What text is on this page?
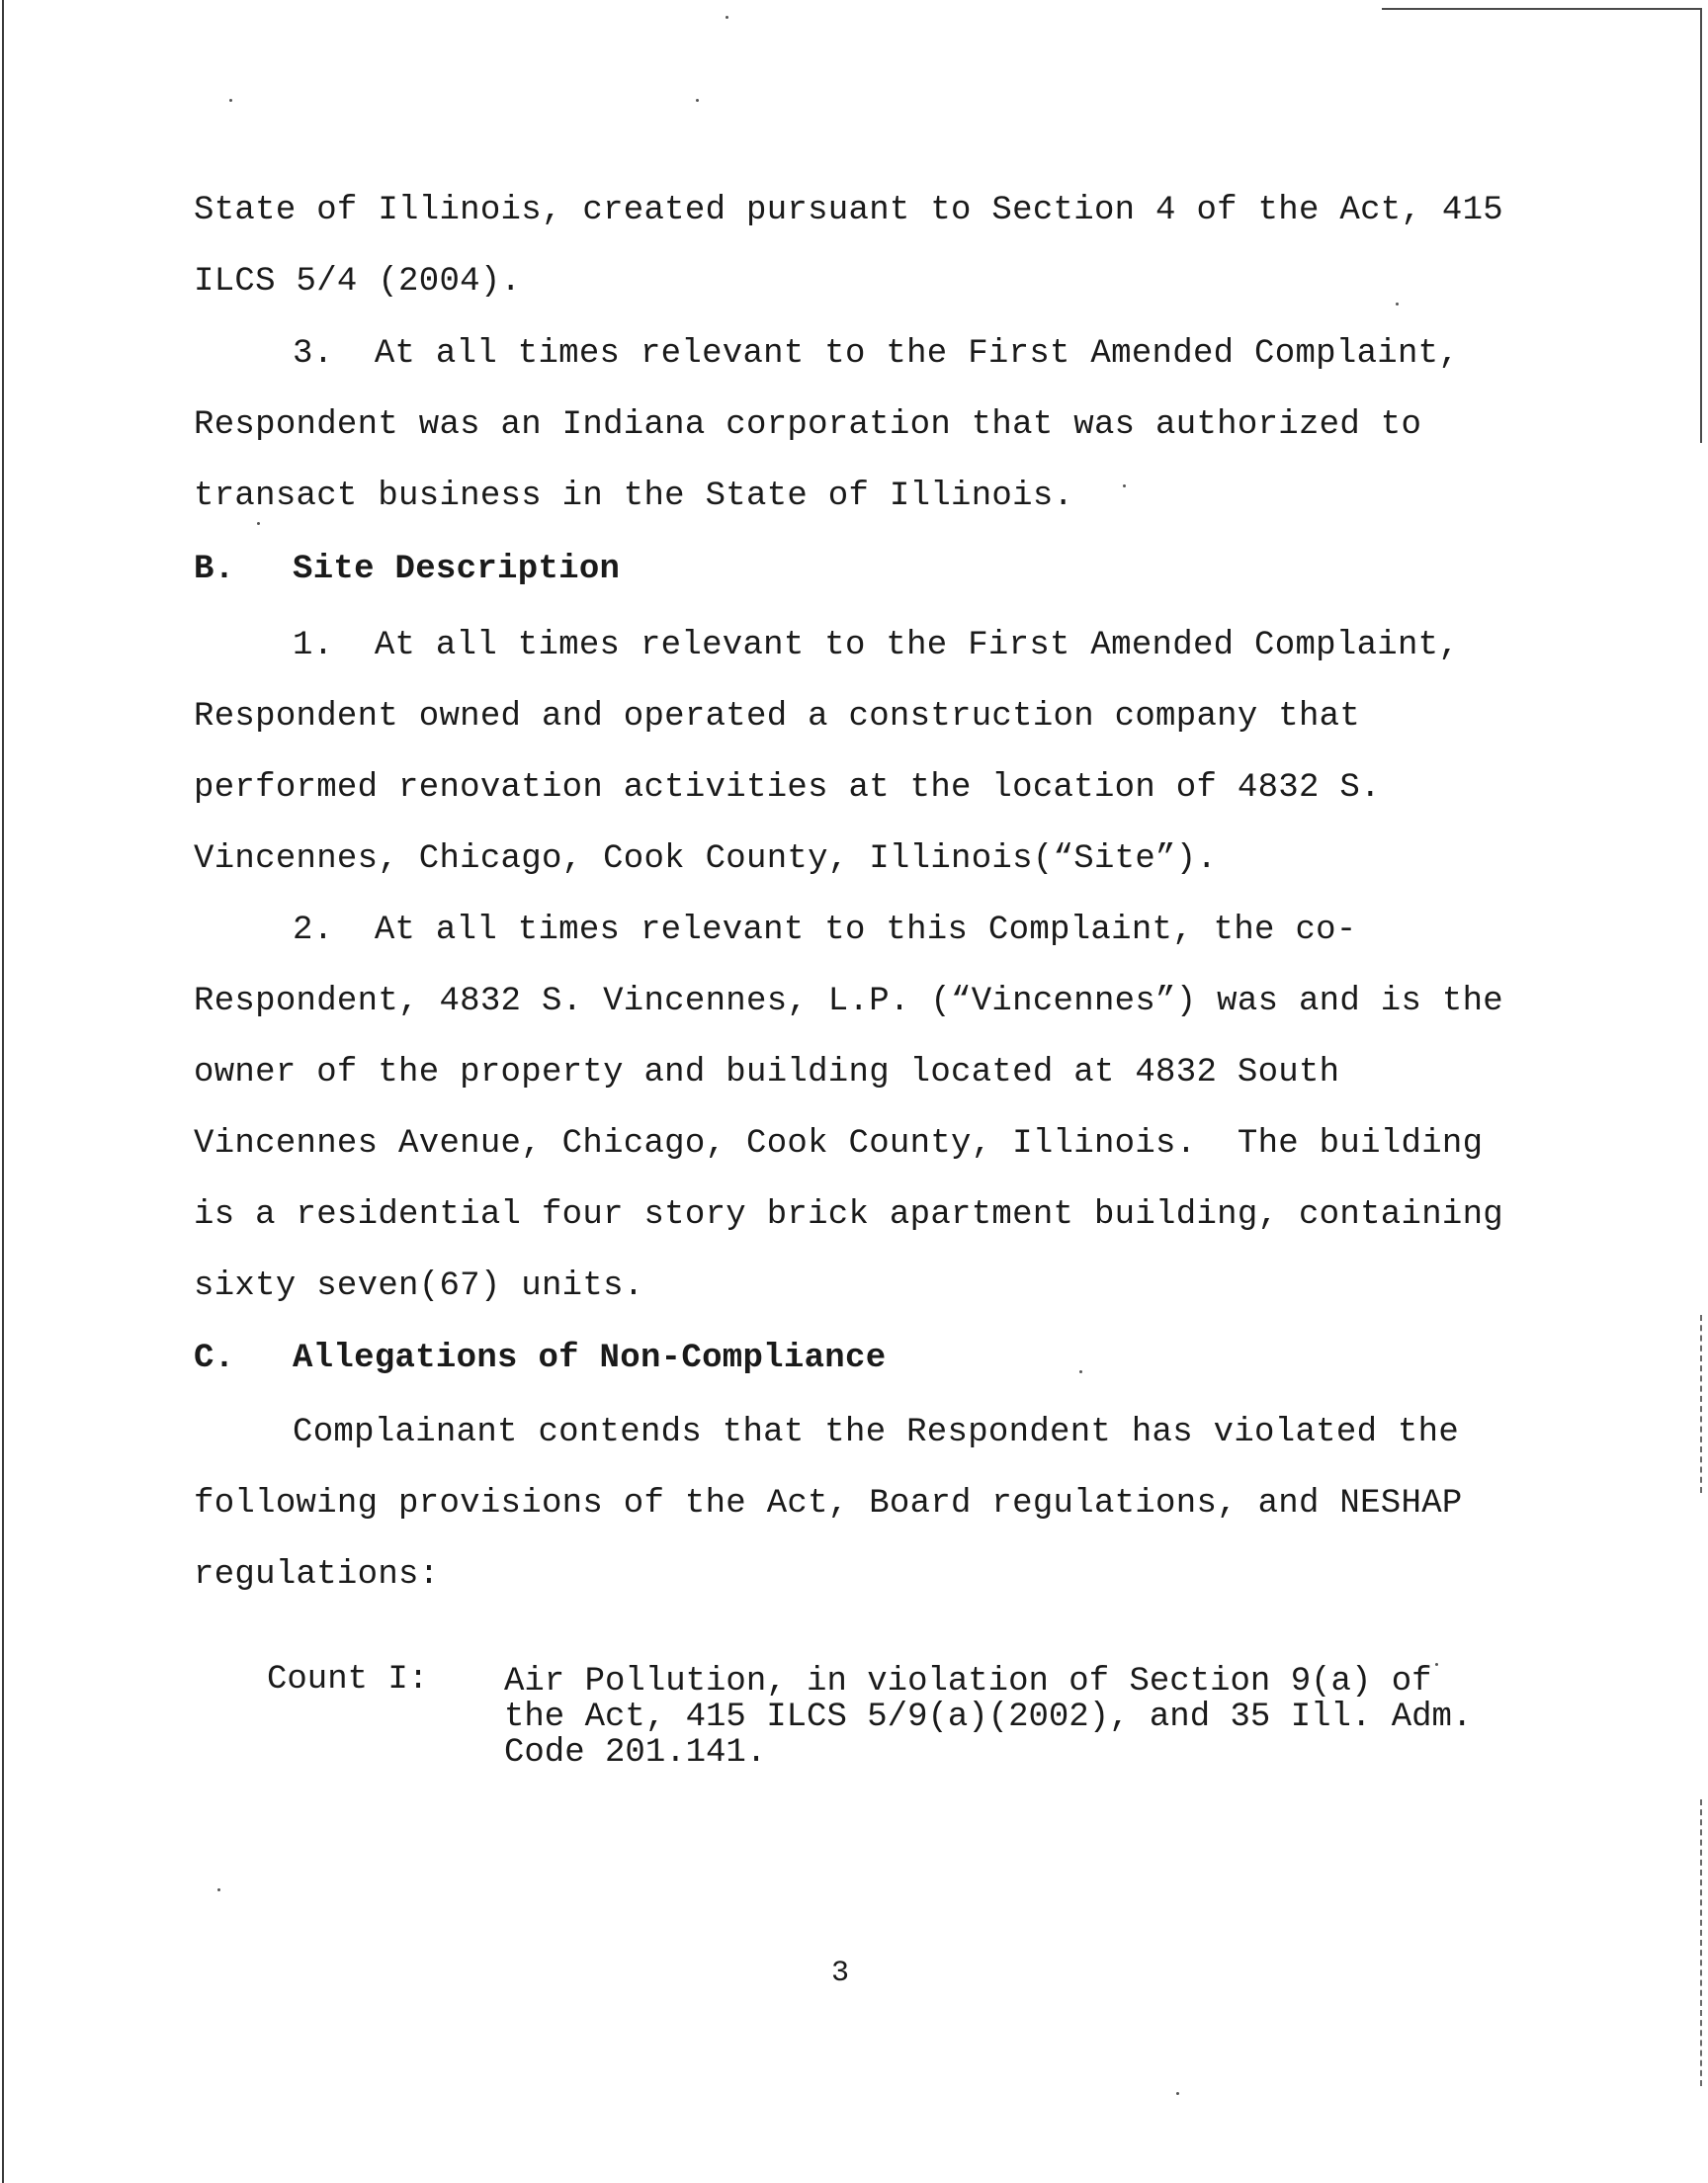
State of Illinois, created pursuant to Section 4 of the Act, 415
ILCS 5/4 (2004).
3.  At all times relevant to the First Amended Complaint,
Respondent was an Indiana corporation that was authorized to
transact business in the State of Illinois.
B. Site Description
1.  At all times relevant to the First Amended Complaint,
Respondent owned and operated a construction company that
performed renovation activities at the location of 4832 S.
Vincennes, Chicago, Cook County, Illinois(“Site”).
2.  At all times relevant to this Complaint, the co-
Respondent, 4832 S. Vincennes, L.P. (“Vincennes”) was and is the
owner of the property and building located at 4832 South
Vincennes Avenue, Chicago, Cook County, Illinois.  The building
is a residential four story brick apartment building, containing
sixty seven(67) units.
C. Allegations of Non-Compliance
Complainant contends that the Respondent has violated the
following provisions of the Act, Board regulations, and NESHAP
regulations:
Count I: Air Pollution, in violation of Section 9(a) of
the Act, 415 ILCS 5/9(a)(2002), and 35 Ill. Adm.
Code 201.141.
3
